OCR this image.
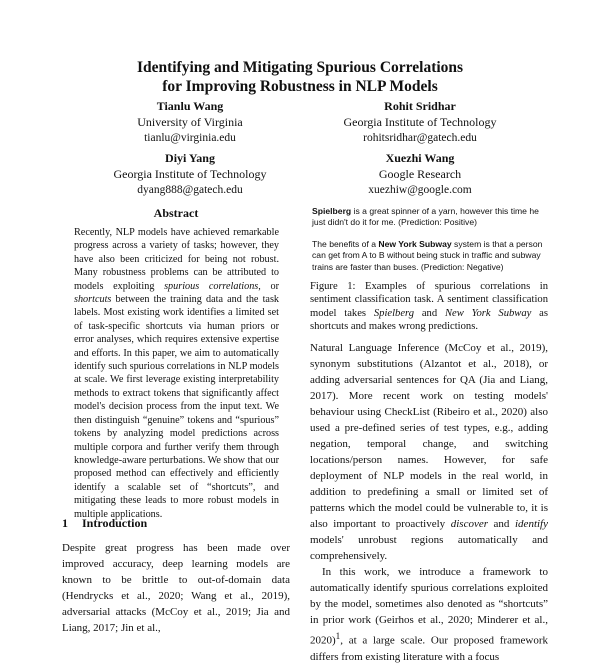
Identifying and Mitigating Spurious Correlations
for Improving Robustness in NLP Models
Tianlu Wang
University of Virginia
tianlu@virginia.edu
Rohit Sridhar
Georgia Institute of Technology
rohitsridhar@gatech.edu
Diyi Yang
Georgia Institute of Technology
dyang888@gatech.edu
Xuezhi Wang
Google Research
xuezhiw@google.com
Abstract
Recently, NLP models have achieved remarkable progress across a variety of tasks; however, they have also been criticized for being not robust. Many robustness problems can be attributed to models exploiting spurious correlations, or shortcuts between the training data and the task labels. Most existing work identifies a limited set of task-specific shortcuts via human priors or error analyses, which requires extensive expertise and efforts. In this paper, we aim to automatically identify such spurious correlations in NLP models at scale. We first leverage existing interpretability methods to extract tokens that significantly affect model's decision process from the input text. We then distinguish “genuine” tokens and “spurious” tokens by analyzing model predictions across multiple corpora and further verify them through knowledge-aware perturbations. We show that our proposed method can effectively and efficiently identify a scalable set of “shortcuts”, and mitigating these leads to more robust models in multiple applications.
1 Introduction
Despite great progress has been made over improved accuracy, deep learning models are known to be brittle to out-of-domain data (Hendrycks et al., 2020; Wang et al., 2019), adversarial attacks (McCoy et al., 2019; Jia and Liang, 2017; Jin et al.,

Spielberg is a great spinner of a yarn, however this time he just didn't do it for me. (Prediction: Positive)

The benefits of a New York Subway system is that a person can get from A to B without being stuck in traffic and subway trains are faster than buses. (Prediction: Negative)

Figure 1: Examples of spurious correlations in sentiment classification task. A sentiment classification model takes Spielberg and New York Subway as shortcuts and makes wrong predictions.

Natural Language Inference (McCoy et al., 2019), synonym substitutions (Alzantot et al., 2018), or adding adversarial sentences for QA (Jia and Liang, 2017). More recent work on testing models' behaviour using CheckList (Ribeiro et al., 2020) also used a pre-defined series of test types, e.g., adding negation, temporal change, and switching locations/person names. However, for safe deployment of NLP models in the real world, in addition to predefining a small or limited set of patterns which the model could be vulnerable to, it is also important to proactively discover and identify models' unrobust regions automatically and comprehensively.

In this work, we introduce a framework to automatically identify spurious correlations exploited by the model, sometimes also denoted as “shortcuts” in prior work (Geirhos et al., 2020; Minderer et al., 2020)$^1$, at a large scale. Our proposed framework differs from existing literature with a focus
